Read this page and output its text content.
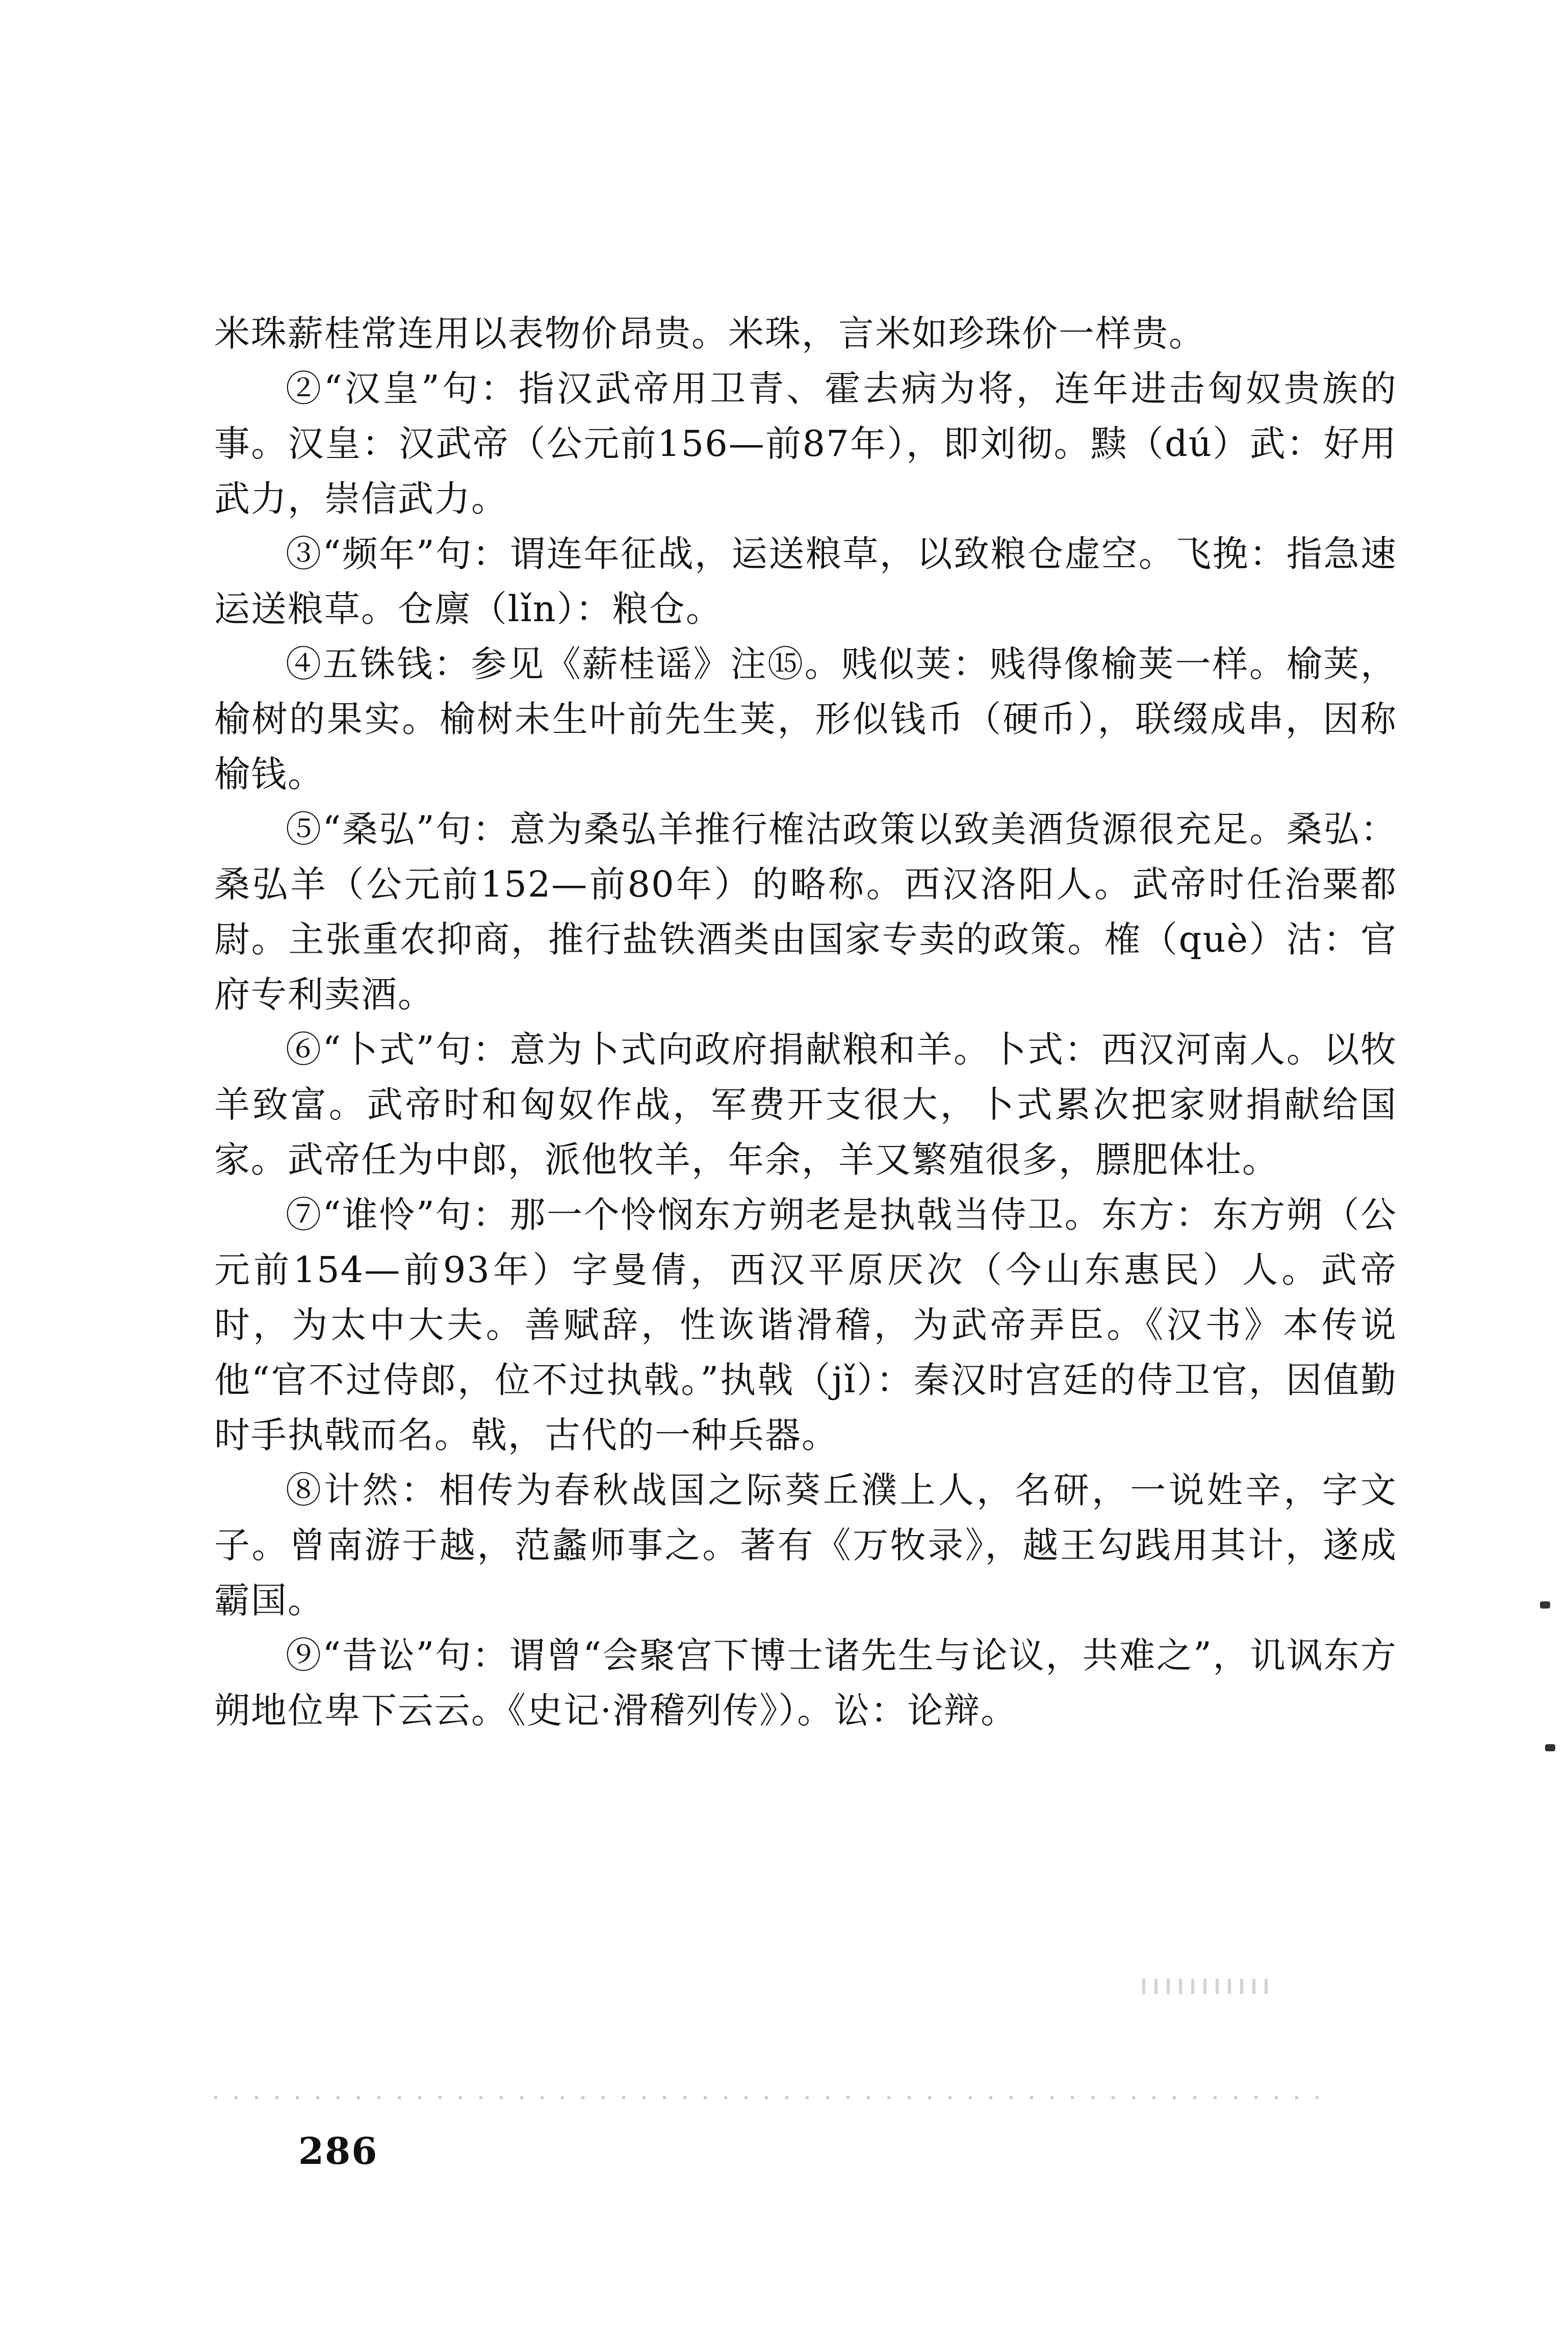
米珠薪桂常连用以表物价昂贵。米珠，言米如珍珠价一样贵。

②“汉皇”句：指汉武帝用卫青、霍去病为将，连年进击匈奴贵族的事。汉皇：汉武帝（公元前156—前87年），即刘彻。黩（dú）武：好用武力，崇信武力。

③“频年”句：谓连年征战，运送粮草，以致粮仓虚空。飞挽：指急速运送粮草。仓廪（lǐn）：粮仓。

④五铢钱：参见《薪桂谣》注⑮。贱似荚：贱得像榆荚一样。榆荚，榆树的果实。榆树未生叶前先生荚，形似钱币（硬币），联缀成串，因称榆钱。

⑤“桑弘”句：意为桑弘羊推行榷沽政策以致美酒货源很充足。桑弘：桑弘羊（公元前152—前80年）的略称。西汉洛阳人。武帝时任治粟都尉。主张重农抑商，推行盐铁酒类由国家专卖的政策。榷（què）沽：官府专利卖酒。

⑥“卜式”句：意为卜式向政府捐献粮和羊。卜式：西汉河南人。以牧羊致富。武帝时和匈奴作战，军费开支很大，卜式累次把家财捐献给国家。武帝任为中郎，派他牧羊，年余，羊又繁殖很多，膘肥体壮。

⑦“谁怜”句：那一个怜悯东方朔老是执戟当侍卫。东方：东方朔（公元前154—前93年）字曼倩，西汉平原厌次（今山东惠民）人。武帝时，为太中大夫。善赋辞，性诙谐滑稽，为武帝弄臣。《汉书》本传说他“官不过侍郎，位不过执戟。”执戟（jǐ）：秦汉时宫廷的侍卫官，因值勤时手执戟而名。戟，古代的一种兵器。

⑧计然：相传为春秋战国之际葵丘濮上人，名研，一说姓辛，字文子。曾南游于越，范蠡师事之。著有《万牧录》，越王勾践用其计，遂成霸国。

⑨“昔讼”句：谓曾“会聚宫下博士诸先生与论议，共难之”，讥讽东方朔地位卑下云云。《史记·滑稽列传》）。讼：论辩。

286
